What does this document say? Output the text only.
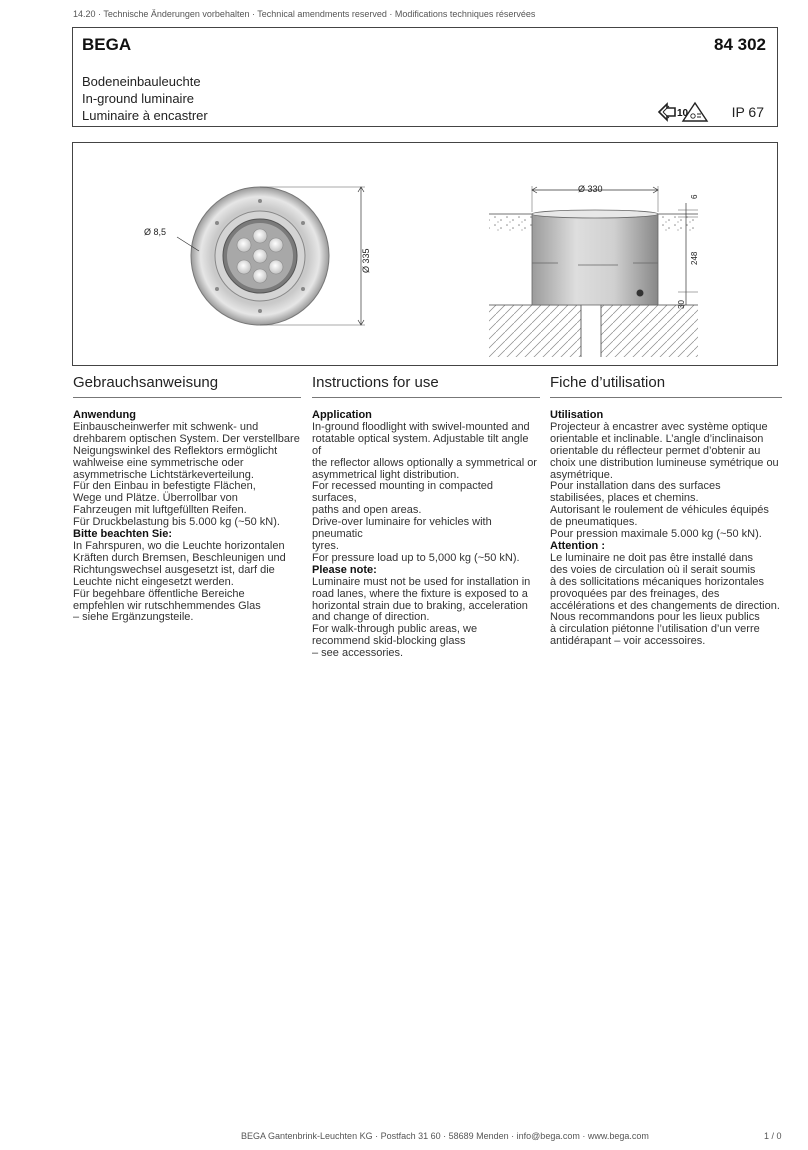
14.20 · Technische Änderungen vorbehalten · Technical amendments reserved · Modifications techniques réservées
BEGA	84 302
Bodeneinbauleuchte
In-ground luminaire
Luminaire à encastrer	10	IP 67
Ø 8,5
Ø 335
Ø 330
6
248
30
Gebrauchsanweisung

Anwendung

Einbauscheinwerfer mit schwenk- und

drehbarem optischen System. Der verstellbare

Neigungswinkel des Reflektors ermöglicht

wahlweise eine symmetrische oder

asymmetrische Lichtstärkeverteilung.

Für den Einbau in befestigte Flächen,

Wege und Plätze. Überrollbar von

Fahrzeugen mit luftgefüllten Reifen.

Für Druckbelastung bis 5.000 kg (~50 kN).

Bitte beachten Sie:

In Fahrspuren, wo die Leuchte horizontalen

Kräften durch Bremsen, Beschleunigen und

Richtungswechsel ausgesetzt ist, darf die

Leuchte nicht eingesetzt werden.

Für begehbare öffentliche Bereiche

empfehlen wir rutschhemmendes Glas

– siehe Ergänzungsteile.

Instructions for use

Application

In-ground floodlight with swivel-mounted and

rotatable optical system. Adjustable tilt angle of

the reflector allows optionally a symmetrical or

asymmetrical light distribution.

For recessed mounting in compacted surfaces,

paths and open areas.

Drive-over luminaire for vehicles with pneumatic

tyres.

For pressure load up to 5,000 kg (~50 kN).

Please note:

Luminaire must not be used for installation in

road lanes, where the fixture is exposed to a

horizontal strain due to braking, acceleration

and change of direction.

For walk-through public areas, we

recommend skid-blocking glass

– see accessories.

Fiche d’utilisation

Utilisation

Projecteur à encastrer avec système optique

orientable et inclinable. L’angle d’inclinaison

orientable du réflecteur permet d’obtenir au

choix une distribution lumineuse symétrique ou

asymétrique.

Pour installation dans des surfaces

stabilisées, places et chemins.

Autorisant le roulement de véhicules équipés

de pneumatiques.

Pour pression maximale 5.000 kg (~50 kN).

Attention :

Le luminaire ne doit pas être installé dans

des voies de circulation où il serait soumis

à des sollicitations mécaniques horizontales

provoquées par des freinages, des

accélérations et des changements de direction.

Nous recommandons pour les lieux publics

à circulation piétonne l’utilisation d’un verre

antidérapant – voir accessoires.

BEGA Gantenbrink-Leuchten KG · Postfach 31 60 · 58689 Menden · info@bega.com · www.bega.com	1 / 0
